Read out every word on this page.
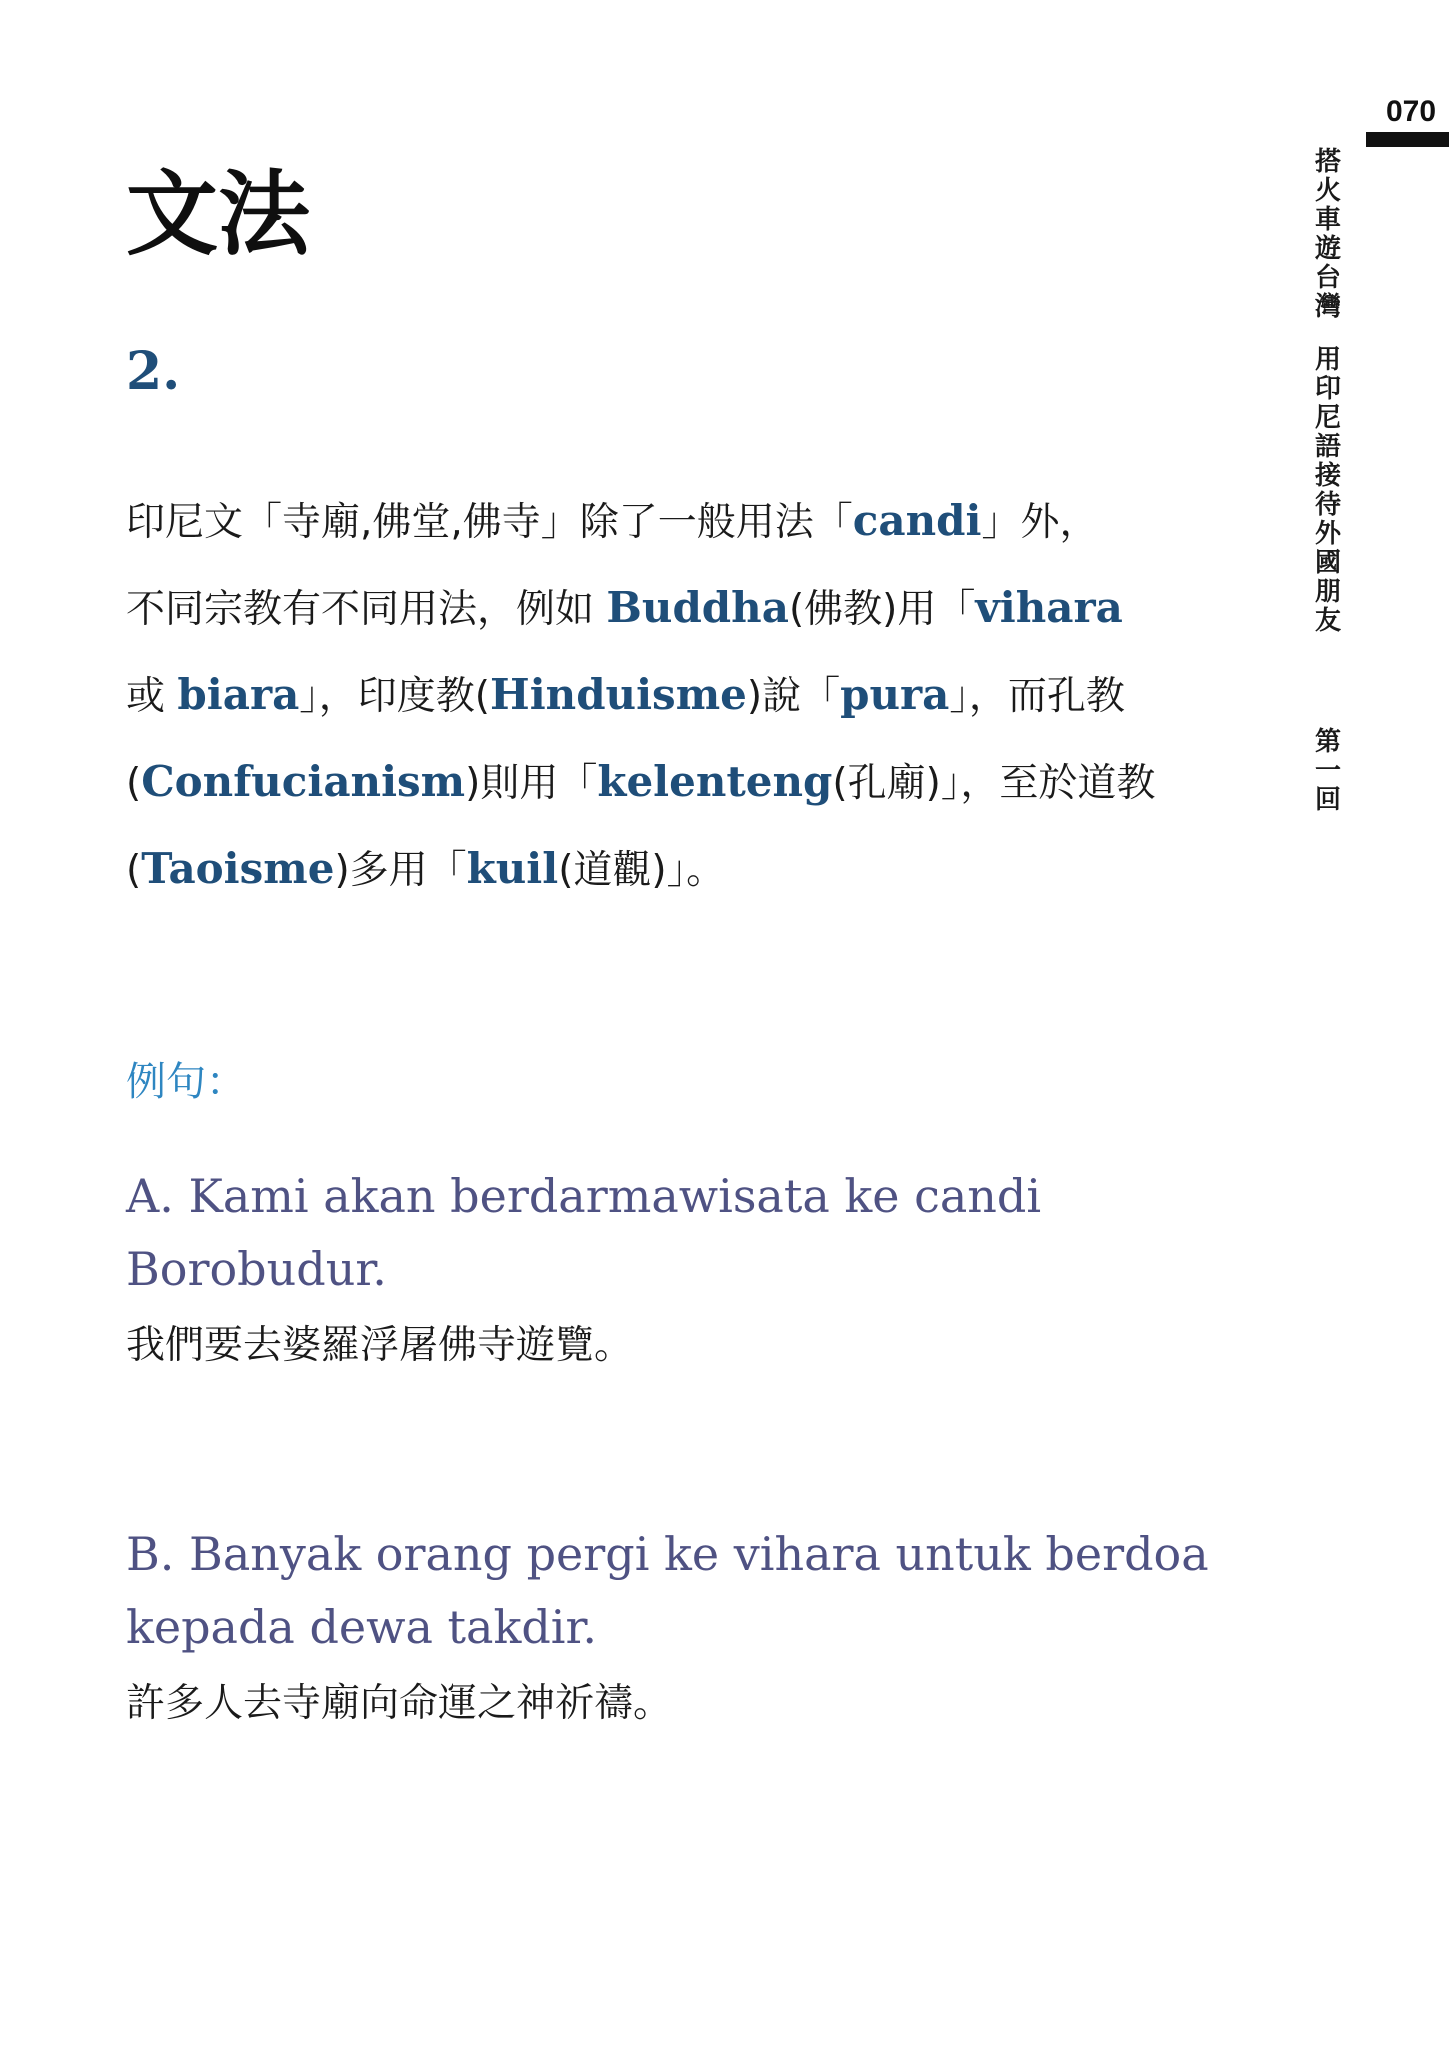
070
搭火車遊台灣
用印尼語接待外國朋友
第一回
文法
2.

印尼文「寺廟,佛堂,佛寺」除了一般用法「candi」外，
不同宗教有不同用法，例如 Buddha(佛教)用「vihara
或 biara」，印度教(Hinduisme)說「pura」，而孔教
(Confucianism)則用「kelenteng(孔廟)」，至於道教
(Taoisme)多用「kuil(道觀)」。

例句：

A. Kami akan berdarmawisata ke candi
Borobudur.

我們要去婆羅浮屠佛寺遊覽。

B. Banyak orang pergi ke vihara untuk berdoa
kepada dewa takdir.

許多人去寺廟向命運之神祈禱。
